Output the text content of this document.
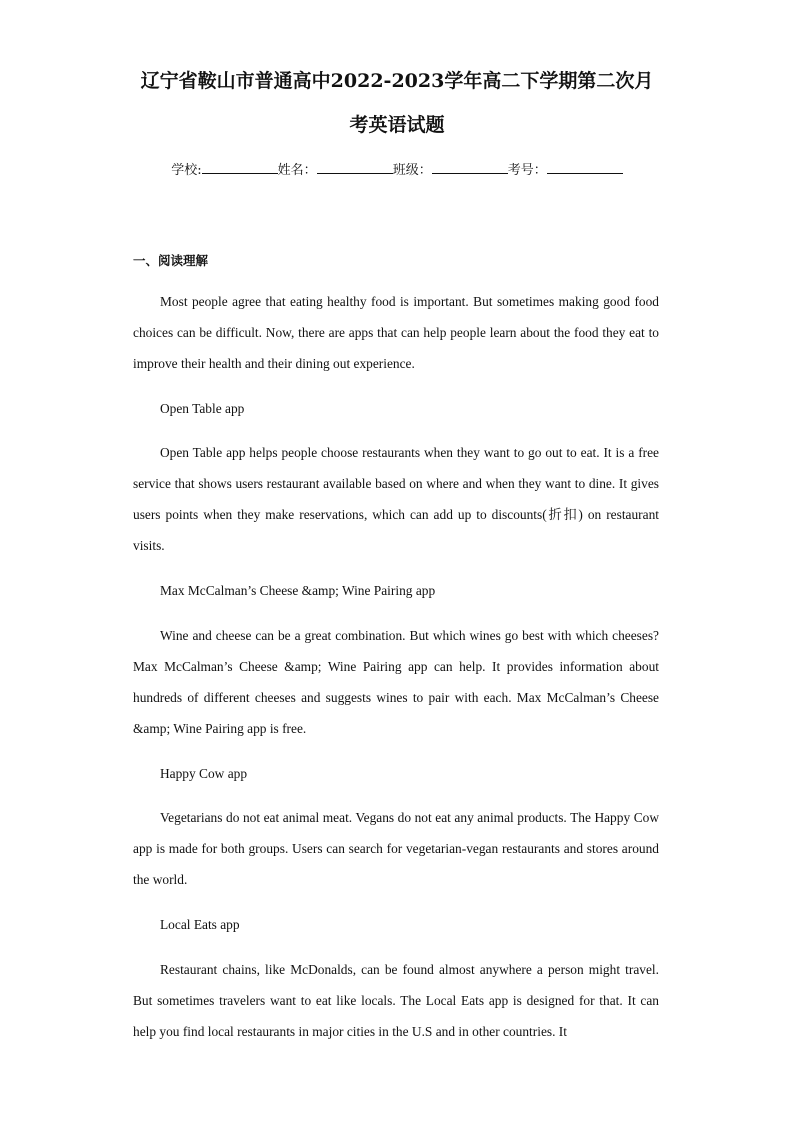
辽宁省鞍山市普通高中2022-2023学年高二下学期第二次月
考英语试题
学校:	姓名：	班级：	考号：
一、阅读理解

Most people agree that eating healthy food is important. But sometimes making good food choices can be difficult. Now, there are apps that can help people learn about the food they eat to improve their health and their dining out experience.

Open Table app

Open Table app helps people choose restaurants when they want to go out to eat. It is a free service that shows users restaurant available based on where and when they want to dine. It gives users points when they make reservations, which can add up to discounts(折扣) on restaurant visits.

Max McCalman’s Cheese &amp; Wine Pairing app

Wine and cheese can be a great combination. But which wines go best with which cheeses? Max McCalman’s Cheese &amp; Wine Pairing app can help. It provides information about hundreds of different cheeses and suggests wines to pair with each. Max McCalman’s Cheese &amp; Wine Pairing app is free.

Happy Cow app

Vegetarians do not eat animal meat. Vegans do not eat any animal products. The Happy Cow app is made for both groups. Users can search for vegetarian-vegan restaurants and stores around the world.

Local Eats app

Restaurant chains, like McDonalds, can be found almost anywhere a person might travel. But sometimes travelers want to eat like locals. The Local Eats app is designed for that. It can help you find local restaurants in major cities in the U.S and in other countries. It
